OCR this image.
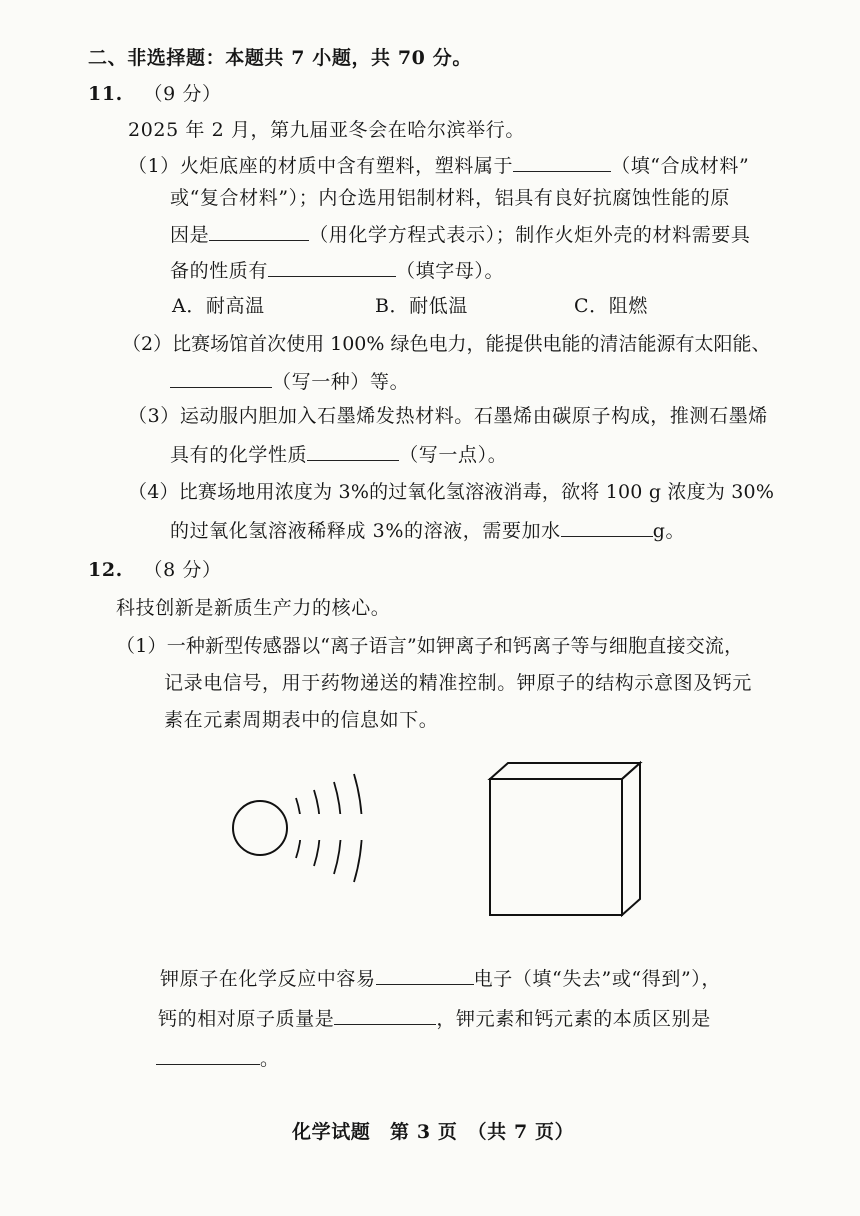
二、非选择题：本题共 7 小题，共 70 分。
11. （9 分）
2025 年 2 月，第九届亚冬会在哈尔滨举行。
（1）火炬底座的材质中含有塑料，塑料属于	（填“合成材料”
或“复合材料”）；内仓选用铝制材料，铝具有良好抗腐蚀性能的原
因是	（用化学方程式表示）；制作火炬外壳的材料需要具
备的性质有	（填字母）。
A．耐高温	B．耐低温	C．阻燃
（2）比赛场馆首次使用 100% 绿色电力，能提供电能的清洁能源有太阳能、
（写一种）等。
（3）运动服内胆加入石墨烯发热材料。石墨烯由碳原子构成，推测石墨烯
具有的化学性质	（写一点）。
（4）比赛场地用浓度为 3%的过氧化氢溶液消毒，欲将 100 g 浓度为 30%
的过氧化氢溶液稀释成 3%的溶液，需要加水	g。
12. （8 分）
科技创新是新质生产力的核心。
（1）一种新型传感器以“离子语言”如钾离子和钙离子等与细胞直接交流，
记录电信号，用于药物递送的精准控制。钾原子的结构示意图及钙元
素在元素周期表中的信息如下。
钾原子在化学反应中容易	电子（填“失去”或“得到”），
钙的相对原子质量是	，钾元素和钙元素的本质区别是
。
化学试题　第 3 页　（共 7 页）
